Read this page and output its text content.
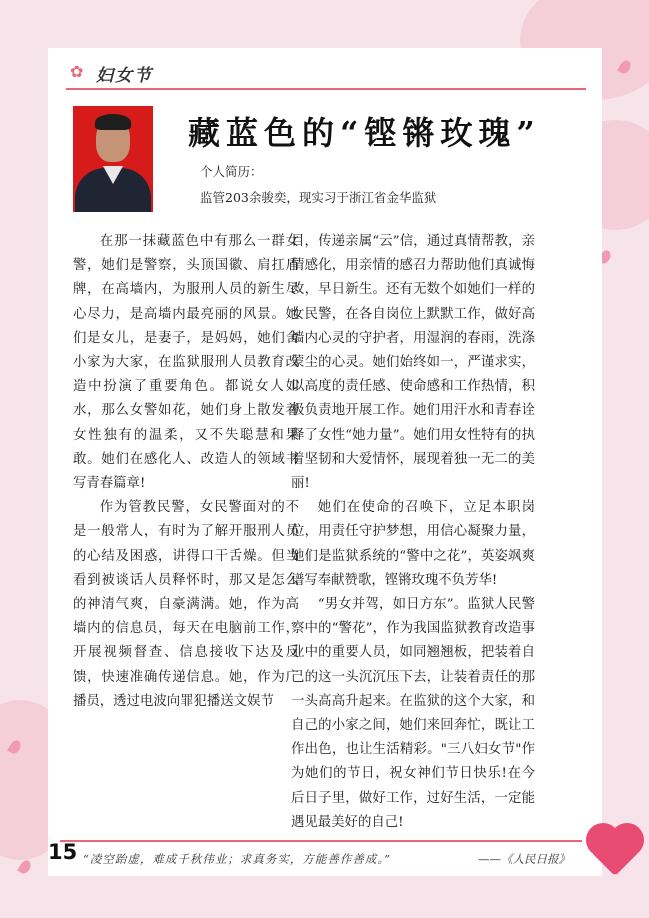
✿ 妇女节
藏蓝色的“铿锵玫瑰”
个人简历：
监管203余骏奕，现实习于浙江省金华监狱

在那一抹藏蓝色中有那么一群女警，她们是警察，头顶国徽、肩扛盾牌，在高墙内，为服刑人员的新生尽心尽力，是高墙内最亮丽的风景。她们是女儿，是妻子，是妈妈，她们舍小家为大家，在监狱服刑人员教育改造中扮演了重要角色。都说女人如水，那么女警如花，她们身上散发着女性独有的温柔，又不失聪慧和果敢。她们在感化人、改造人的领域书写青春篇章!

作为管教民警，女民警面对的不是一般常人，有时为了解开服刑人员的心结及困惑，讲得口干舌燥。但当看到被谈话人员释怀时，那又是怎么的神清气爽，自豪满满。她，作为高墙内的信息员，每天在电脑前工作，开展视频督查、信息接收下达及反馈，快速准确传递信息。她，作为广播员，透过电波向罪犯播送文娱节

目，传递亲属“云”信，通过真情帮教，亲情感化，用亲情的感召力帮助他们真诚悔改，早日新生。还有无数个如她们一样的女民警，在各自岗位上默默工作，做好高墙内心灵的守护者，用湿润的春雨，洗涤蒙尘的心灵。她们始终如一，严谨求实，以高度的责任感、使命感和工作热情，积极负责地开展工作。她们用汗水和青春诠释了女性“她力量”。她们用女性特有的执着坚韧和大爱情怀，展现着独一无二的美丽!

她们在使命的召唤下，立足本职岗位，用责任守护梦想，用信心凝聚力量，她们是监狱系统的“警中之花”，英姿飒爽谱写奉献赞歌，铿锵玫瑰不负芳华!

“男女并驾，如日方东”。监狱人民警察中的“警花”，作为我国监狱教育改造事业中的重要人员，如同翘翘板，把装着自己的这一头沉沉压下去，让装着责任的那一头高高升起来。在监狱的这个大家，和自己的小家之间，她们来回奔忙，既让工作出色，也让生活精彩。"三八妇女节"作为她们的节日，祝女神们节日快乐!在今后日子里，做好工作，过好生活，一定能遇见最美好的自己!

15 “凌空跆虚，难成千秋伟业；求真务实，方能善作善成。”	——《人民日报》
